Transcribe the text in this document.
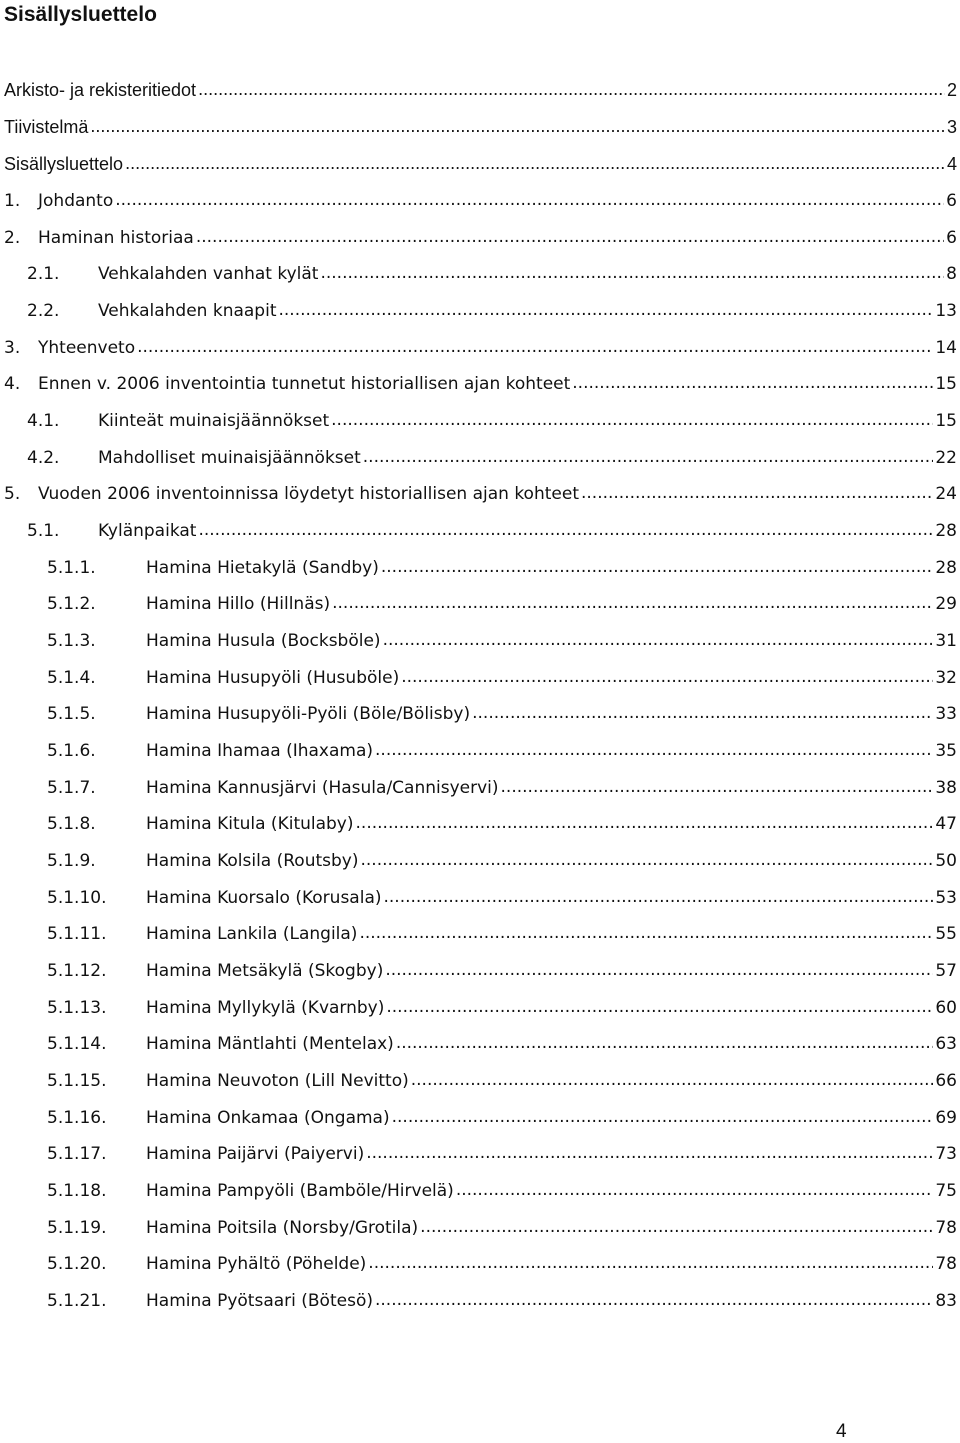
Sisällysluettelo
Arkisto- ja rekisteritiedot .....	2
Tiivistelmä .....	3
Sisällysluettelo .....	4
1.	Johdanto .....	6
2.	Haminan historiaa .....	6
2.1.	Vehkalahden vanhat kylät .....	8
2.2.	Vehkalahden knaapit .....	13
3.	Yhteenveto .....	14
4.	Ennen v. 2006 inventointia tunnetut historiallisen ajan kohteet .....	15
4.1.	Kiinteät muinaisjäännökset .....	15
4.2.	Mahdolliset muinaisjäännökset .....	22
5.	Vuoden 2006 inventoinnissa löydetyt historiallisen ajan kohteet .....	24
5.1.	Kylänpaikat .....	28
5.1.1.	Hamina Hietakylä (Sandby) .....	28
5.1.2.	Hamina Hillo (Hillnäs) .....	29
5.1.3.	Hamina Husula (Bocksböle) .....	31
5.1.4.	Hamina Husupyöli (Husuböle) .....	32
5.1.5.	Hamina Husupyöli-Pyöli (Böle/Bölisby) .....	33
5.1.6.	Hamina Ihamaa (Ihaxama) .....	35
5.1.7.	Hamina Kannusjärvi (Hasula/Cannisyervi) .....	38
5.1.8.	Hamina Kitula (Kitulaby) .....	47
5.1.9.	Hamina Kolsila (Routsby) .....	50
5.1.10.	Hamina Kuorsalo (Korusala) .....	53
5.1.11.	Hamina Lankila (Langila) .....	55
5.1.12.	Hamina Metsäkylä (Skogby) .....	57
5.1.13.	Hamina Myllykylä (Kvarnby) .....	60
5.1.14.	Hamina Mäntlahti (Mentelax) .....	63
5.1.15.	Hamina Neuvoton (Lill Nevitto) .....	66
5.1.16.	Hamina Onkamaa (Ongama) .....	69
5.1.17.	Hamina Paijärvi (Paiyervi) .....	73
5.1.18.	Hamina Pampyöli (Bamböle/Hirvelä) .....	75
5.1.19.	Hamina Poitsila (Norsby/Grotila) .....	78
5.1.20.	Hamina Pyhältö (Pöhelde) .....	78
5.1.21.	Hamina Pyötsaari (Bötesö) .....	83
4
